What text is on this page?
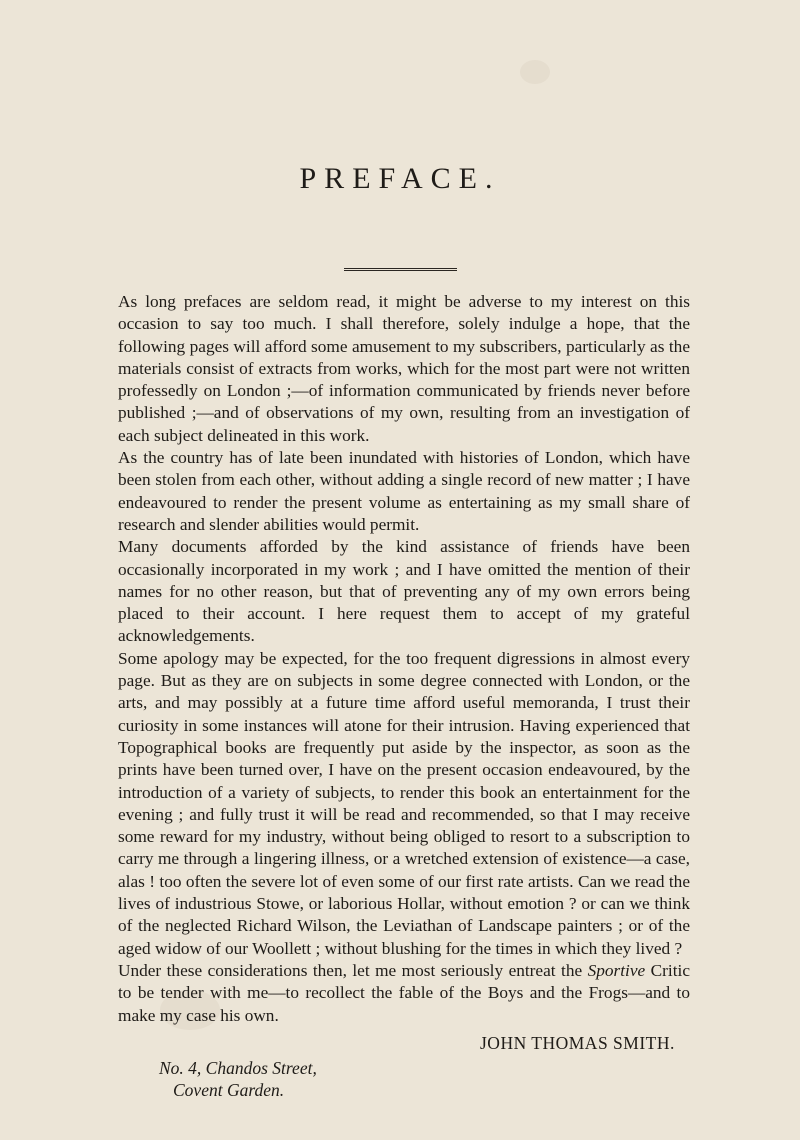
PREFACE.

As long prefaces are seldom read, it might be adverse to my interest on this occasion to say too much. I shall therefore, solely indulge a hope, that the following pages will afford some amusement to my subscribers, particularly as the materials consist of extracts from works, which for the most part were not written professedly on London ;—of information communicated by friends never before published ;—and of observations of my own, resulting from an investigation of each subject delineated in this work.

As the country has of late been inundated with histories of London, which have been stolen from each other, without adding a single record of new matter ; I have endeavoured to render the present volume as entertaining as my small share of research and slender abilities would permit.

Many documents afforded by the kind assistance of friends have been occasionally incorporated in my work ; and I have omitted the mention of their names for no other reason, but that of preventing any of my own errors being placed to their account. I here request them to accept of my grateful acknowledgements.

Some apology may be expected, for the too frequent digressions in almost every page. But as they are on subjects in some degree connected with London, or the arts, and may possibly at a future time afford useful memoranda, I trust their curiosity in some instances will atone for their intrusion. Having experienced that Topographical books are frequently put aside by the inspector, as soon as the prints have been turned over, I have on the present occasion endeavoured, by the introduction of a variety of subjects, to render this book an entertainment for the evening ; and fully trust it will be read and recommended, so that I may receive some reward for my industry, without being obliged to resort to a subscription to carry me through a lingering illness, or a wretched extension of existence—a case, alas ! too often the severe lot of even some of our first rate artists. Can we read the lives of industrious Stowe, or laborious Hollar, without emotion ? or can we think of the neglected Richard Wilson, the Leviathan of Landscape painters ; or of the aged widow of our Woollett ; without blushing for the times in which they lived ?

Under these considerations then, let me most seriously entreat the Sportive Critic to be tender with me—to recollect the fable of the Boys and the Frogs—and to make my case his own.

JOHN THOMAS SMITH.

No. 4, Chandos Street,
Covent Garden.
